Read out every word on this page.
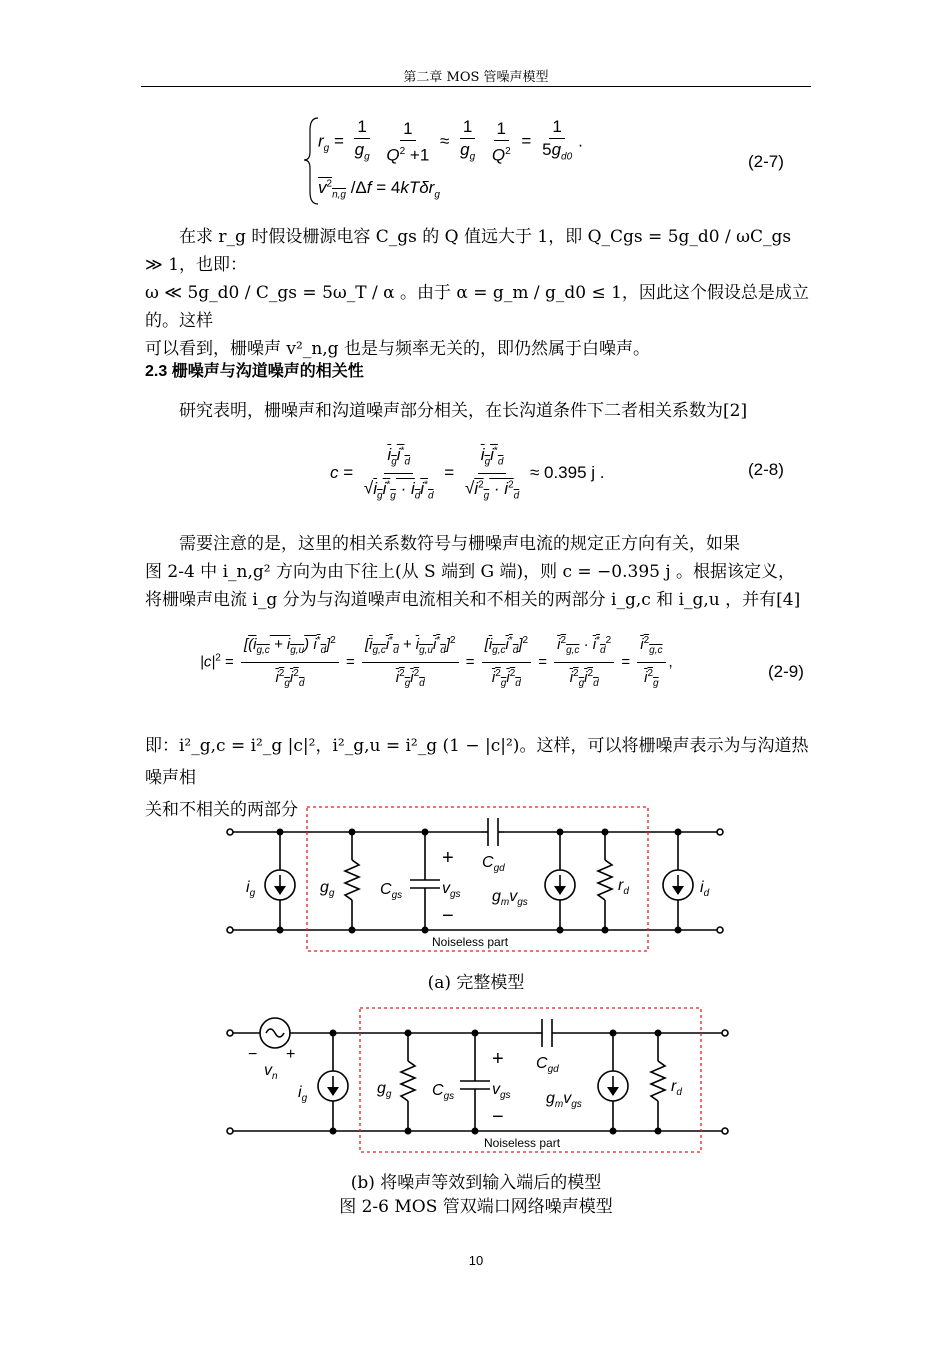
第二章 MOS 管噪声模型
$r_g = \frac{1}{g_g}$
$\frac{1}{Q^2 +1} \approx \frac{1}{g_g}$
$\frac{1}{Q^2} = \frac{1}{5g_{d0}}$ .
$v^2_{n,g}$ /Δf = 4kTδr$_g$
(2-7)
在求 r_g 时假设栅源电容 C_gs 的 Q 值远大于 1，即 Q_Cgs = 5g_d0 / ωC_gs ≫ 1，也即：
ω ≪ 5g_d0 / C_gs = 5ω_T / α 。由于 α = g_m / g_d0 ≤ 1，因此这个假设总是成立的。这样
可以看到，栅噪声 v²_n,g 也是与频率无关的，即仍然属于白噪声。
2.3 栅噪声与沟道噪声的相关性
研究表明，栅噪声和沟道噪声部分相关，在长沟道条件下二者相关系数为[2]
$c = \frac{i_gi^*_d}{√i_gi^*_g \cdot i_di^*_d} = \frac{i_gi^*_d}{√i^2_g \cdot i^2_d} \approx 0.395$ j .	(2-8)
需要注意的是，这里的相关系数符号与栅噪声电流的规定正方向有关，如果
图 2-4 中 i_n,g² 方向为由下往上(从 S 端到 G 端)，则 c = −0.395 j 。根据该定义，
将栅噪声电流 i_g 分为与沟道噪声电流相关和不相关的两部分 i_g,c 和 i_g,u ，并有[4]
$|c|^2 = \frac{[(i_{g,c} + i_{g,u}) i^*_d]^2}{i^2_gi^2_d} = \frac{[i_{g,c}i^*_d + i_{g,u}i^*_d]^2}{i^2_gi^2_d} = \frac{[i_{g,c}i^*_d]^2}{i^2_gi^2_d} = \frac{i^2_{g,c} \cdot i^*_d^2}{i^2_gi^2_d} = \frac{i^2_{g,c}}{i^2_g}$ ,
(2-9)
即：i²_g,c = i²_g |c|²，i²_g,u = i²_g (1 − |c|²)。这样，可以将栅噪声表示为与沟道热噪声相
关和不相关的两部分
$i_g$	$g_g$	$C_{gs}$ $v_{gs}$
$C_{gd}$
$g_mv_{gs}$
$r_d$	$i_d$
+
−
Noiseless part
(a) 完整模型
$v_n$
$i_g$
$g_g$	$C_{gs}$ $v_{gs}$
$C_{gd}$
$g_mv_{gs}$
$r_d$
− +	+
−
Noiseless part
(b) 将噪声等效到输入端后的模型
图 2-6 MOS 管双端口网络噪声模型
10
